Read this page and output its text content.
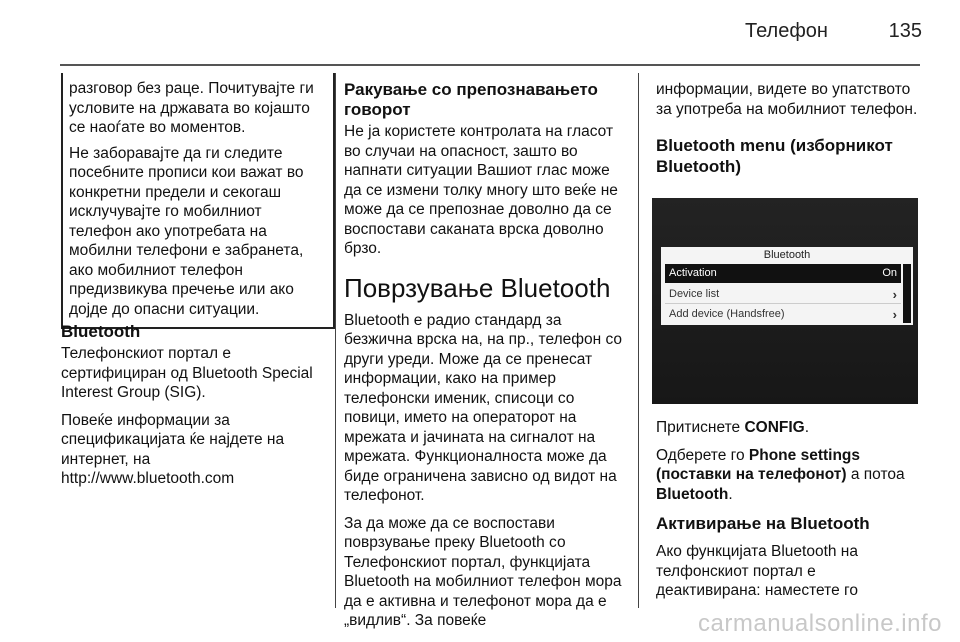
Телефон	135

разговор без раце. Почитувајте ги условите на државата во којашто се наоѓате во моментов.

Не заборавајте да ги следите посебните прописи кои важат во конкретни предели и секогаш исклучувајте го мобилниот телефон ако употребата на мобилни телефони е забранета, ако мобилниот телефон предизвикува пречење или ако дојде до опасни ситуации.

Bluetooth

Телефонскиот портал е сертифициран од Bluetooth Special Interest Group (SIG).

Повеќе информации за спецификацијата ќе најдете на интернет, на
http://www.bluetooth.com

Ракување со препознавањето говорот

Не ја користете контролата на гласот во случаи на опасност, зашто во напнати ситуации Вашиот глас може да се измени толку многу што веќе не може да се препознае доволно да се воспостави саканата врска доволно брзо.

Поврзување Bluetooth

Bluetooth е радио стандард за безжична врска на, на пр., телефон со други уреди. Може да се пренесат информации, како на пример телефонски именик, списоци со повици, името на операторот на мрежата и јачината на сигналот на мрежата. Функционалноста може да биде ограничена зависно од видот на телефонот.

За да може да се воспостави поврзување преку Bluetooth со Телефонскиот портал, функцијата Bluetooth на мобилниот телефон мора да е активна и телефонот мора да е „видлив“. За повеќе

информации, видете во упатството за употреба на мобилниот телефон.

Bluetooth menu (изборникот Bluetooth)

Bluetooth
Activation	On
Device list	›
Add device (Handsfree)	›

Притиснете CONFIG.

Одберете го Phone settings (поставки на телефонот) а потоа Bluetooth.

Активирање на Bluetooth

Ако функцијата Bluetooth на телфонскиот портал е деактивирана: наместете го

carmanualsonline.info
